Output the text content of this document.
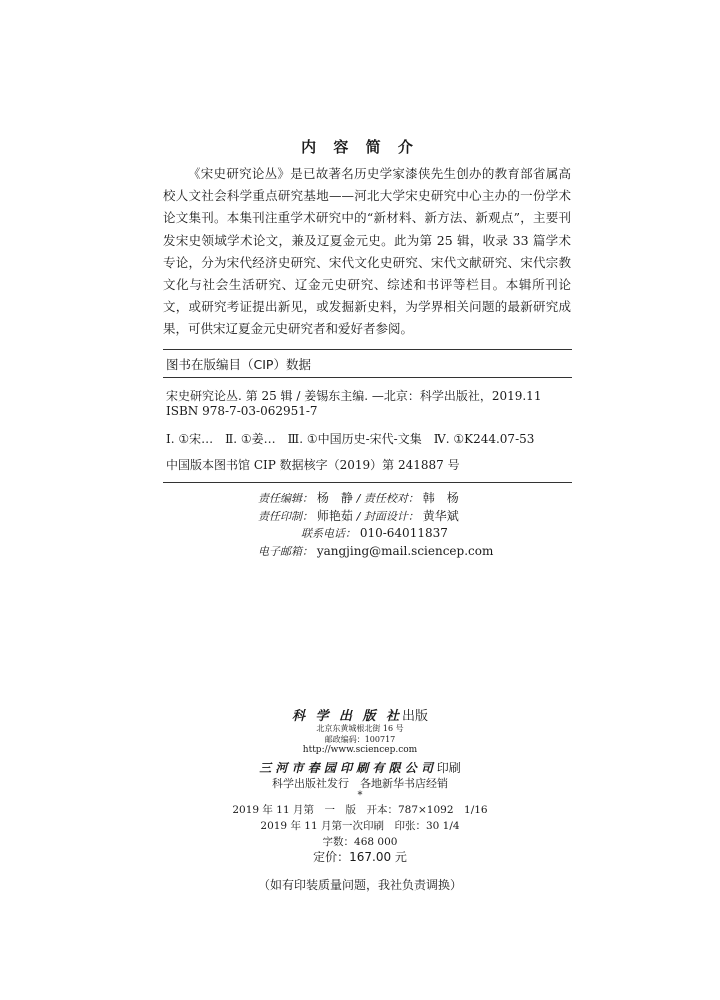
内 容 简 介

《宋史研究论丛》是已故著名历史学家漆侠先生创办的教育部省属高校人文社会科学重点研究基地——河北大学宋史研究中心主办的一份学术论文集刊。本集刊注重学术研究中的“新材料、新方法、新观点”，主要刊发宋史领域学术论文，兼及辽夏金元史。此为第 25 辑，收录 33 篇学术专论，分为宋代经济史研究、宋代文化史研究、宋代文献研究、宋代宗教文化与社会生活研究、辽金元史研究、综述和书评等栏目。本辑所刊论文，或研究考证提出新见，或发掘新史料，为学界相关问题的最新研究成果，可供宋辽夏金元史研究者和爱好者参阅。

图书在版编目（CIP）数据
宋史研究论丛. 第 25 辑 / 姜锡东主编. —北京：科学出版社，2019.11
ISBN 978-7-03-062951-7
Ⅰ. ①宋…　Ⅱ. ①姜…　Ⅲ. ①中国历史-宋代-文集　Ⅳ. ①K244.07-53
中国版本图书馆 CIP 数据核字（2019）第 241887 号
责任编辑： 杨　静 / 责任校对： 韩　杨
责任印制： 师艳茹 / 封面设计： 黄华斌
联系电话： 010-64011837
电子邮箱： yangjing@mail.sciencep.com
科 学 出 版 社出版
北京东黄城根北街 16 号
邮政编码：100717
http://www.sciencep.com
三 河 市 春 园 印 刷 有 限 公 司 印刷
科学出版社发行　各地新华书店经销
*
2019 年 11 月第　一　版　开本：787×1092　1/16
2019 年 11 月第一次印刷　印张：30 1/4
字数：468 000
定价：167.00 元
（如有印装质量问题，我社负责调换）
